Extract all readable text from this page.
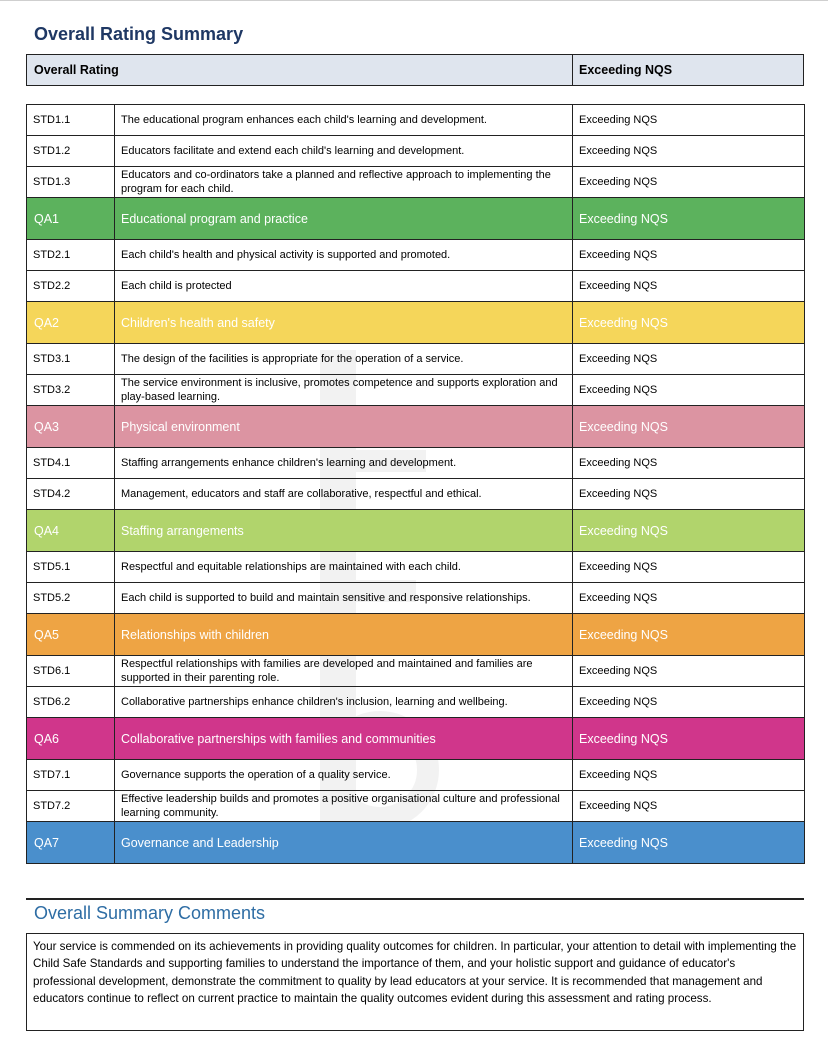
Overall Rating Summary
Overall Rating	Exceeding NQS
STD1.1	The educational program enhances each child's learning and development.	Exceeding NQS
STD1.2	Educators facilitate and extend each child's learning and development.	Exceeding NQS
STD1.3	Educators and co-ordinators take a planned and reflective approach to implementing the program for each child.	Exceeding NQS
QA1	Educational program and practice	Exceeding NQS
STD2.1	Each child's health and physical activity is supported and promoted.	Exceeding NQS
STD2.2	Each child is protected	Exceeding NQS
QA2	Children's health and safety	Exceeding NQS
STD3.1	The design of the facilities is appropriate for the operation of a service.	Exceeding NQS
STD3.2	The service environment is inclusive, promotes competence and supports exploration and play-based learning.	Exceeding NQS
QA3	Physical environment	Exceeding NQS
STD4.1	Staffing arrangements enhance children's learning and development.	Exceeding NQS
STD4.2	Management, educators and staff are collaborative, respectful and ethical.	Exceeding NQS
QA4	Staffing arrangements	Exceeding NQS
STD5.1	Respectful and equitable relationships are maintained with each child.	Exceeding NQS
STD5.2	Each child is supported to build and maintain sensitive and responsive relationships.	Exceeding NQS
QA5	Relationships with children	Exceeding NQS
STD6.1	Respectful relationships with families are developed and maintained and families are supported in their parenting role.	Exceeding NQS
STD6.2	Collaborative partnerships enhance children's inclusion, learning and wellbeing.	Exceeding NQS
QA6	Collaborative partnerships with families and communities	Exceeding NQS
STD7.1	Governance supports the operation of a quality service.	Exceeding NQS
STD7.2	Effective leadership builds and promotes a positive organisational culture and professional learning community.	Exceeding NQS
QA7	Governance and Leadership	Exceeding NQS
Overall Summary Comments
Your service is commended on its achievements in providing quality outcomes for children. In particular, your attention to detail with implementing the Child Safe Standards and supporting families to understand the importance of them, and your holistic support and guidance of educator's professional development, demonstrate the commitment to quality by lead educators at your service. It is recommended that management and educators continue to reflect on current practice to maintain the quality outcomes evident during this assessment and rating process.
